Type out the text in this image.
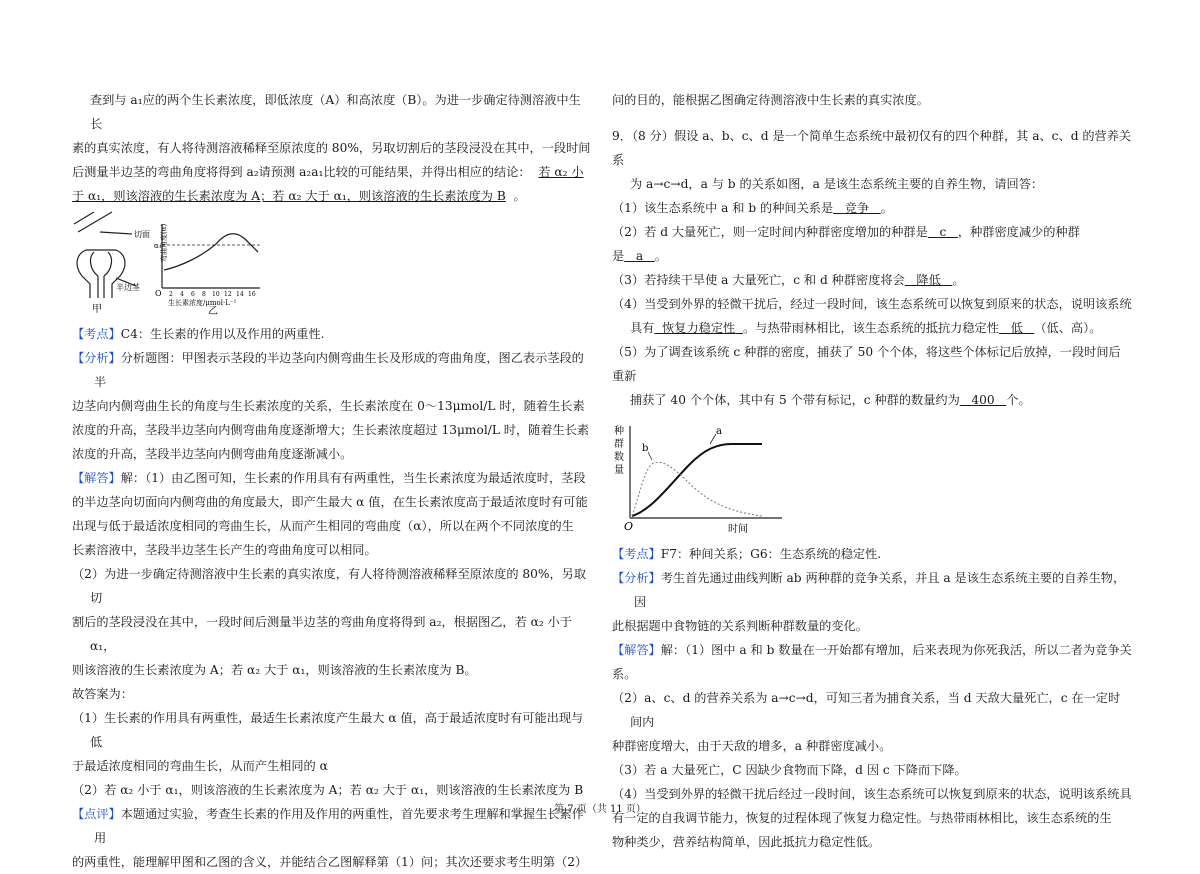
查到与 a₁应的两个生长素浓度，即低浓度（A）和高浓度（B）。为进一步确定待测溶液中生长

素的真实浓度，有人将待测溶液稀释至原浓度的 80%，另取切割后的茎段浸没在其中，一段时间

后测量半边茎的弯曲角度将得到 a₂请预测 a₂a₁比较的可能结果，并得出相应的结论： 若 α₂ 小

于 α₁，则该溶液的生长素浓度为 A；若 α₂ 大于 α₁，则该溶液的生长素浓度为 B 。

切面
半边茎
甲
弯曲角度(α)
α₁
O 2 4 6 8 10 12 14 16
生长素浓度/μmol·L⁻¹
乙

【考点】C4：生长素的作用以及作用的两重性.

【分析】分析题图：甲图表示茎段的半边茎向内侧弯曲生长及形成的弯曲角度，图乙表示茎段的半

边茎向内侧弯曲生长的角度与生长素浓度的关系，生长素浓度在 0～13μmol/L 时，随着生长素

浓度的升高，茎段半边茎向内侧弯曲角度逐渐增大；生长素浓度超过 13μmol/L 时，随着生长素

浓度的升高，茎段半边茎向内侧弯曲角度逐渐减小。

【解答】解：（1）由乙图可知，生长素的作用具有有两重性，当生长素浓度为最适浓度时，茎段

的半边茎向切面向内侧弯曲的角度最大，即产生最大 α 值，在生长素浓度高于最适浓度时有可能

出现与低于最适浓度相同的弯曲生长，从而产生相同的弯曲度（α），所以在两个不同浓度的生

长素溶液中，茎段半边茎生长产生的弯曲角度可以相同。

（2）为进一步确定待测溶液中生长素的真实浓度，有人将待测溶液稀释至原浓度的 80%，另取切

割后的茎段浸没在其中，一段时间后测量半边茎的弯曲角度将得到 a₂，根据图乙，若 α₂ 小于 α₁，

则该溶液的生长素浓度为 A；若 α₂ 大于 α₁，则该溶液的生长素浓度为 B。

故答案为：

（1）生长素的作用具有两重性，最适生长素浓度产生最大 α 值，高于最适浓度时有可能出现与低

于最适浓度相同的弯曲生长，从而产生相同的 α

（2）若 α₂ 小于 α₁，则该溶液的生长素浓度为 A；若 α₂ 大于 α₁，则该溶液的生长素浓度为 B

【点评】本题通过实验，考查生长素的作用及作用的两重性，首先要求考生理解和掌握生长素作用

的两重性，能理解甲图和乙图的含义，并能结合乙图解释第（1）问；其次还要求考生明第（2）

问的目的，能根据乙图确定待测溶液中生长素的真实浓度。

9．（8 分）假设 a、b、c、d 是一个简单生态系统中最初仅有的四个种群，其 a、c、d 的营养关系

为 a→c→d，a 与 b 的关系如图，a 是该生态系统主要的自养生物，请回答：

（1）该生态系统中 a 和 b 的种间关系是 竞争 。

（2）若 d 大量死亡，则一定时间内种群密度增加的种群是 c ，种群密度减少的种群是 a 。

（3）若持续干旱使 a 大量死亡，c 和 d 种群密度将会 降低 。

（4）当受到外界的轻微干扰后，经过一段时间，该生态系统可以恢复到原来的状态，说明该系统

具有 恢复力稳定性 。与热带雨林相比，该生态系统的抵抗力稳定性 低 （低、高）。

（5）为了调查该系统 c 种群的密度，捕获了 50 个个体，将这些个体标记后放掉，一段时间后重新

捕获了 40 个个体，其中有 5 个带有标记，c 种群的数量约为 400 个。

种
群
数
量
O	时间
a
b

【考点】F7：种间关系；G6：生态系统的稳定性.

【分析】考生首先通过曲线判断 ab 两种群的竞争关系，并且 a 是该生态系统主要的自养生物，因

此根据题中食物链的关系判断种群数量的变化。

【解答】解：（1）图中 a 和 b 数量在一开始都有增加，后来表现为你死我活，所以二者为竞争关

系。

（2）a、c、d 的营养关系为 a→c→d，可知三者为捕食关系，当 d 天敌大量死亡，c 在一定时间内

种群密度增大，由于天敌的增多，a 种群密度减小。

（3）若 a 大量死亡，C 因缺少食物而下降，d 因 c 下降而下降。

（4）当受到外界的轻微干扰后经过一段时间，该生态系统可以恢复到原来的状态，说明该系统具

有一定的自我调节能力，恢复的过程体现了恢复力稳定性。与热带雨林相比，该生态系统的生

物种类少，营养结构简单，因此抵抗力稳定性低。

第 7 页（共 11 页）
